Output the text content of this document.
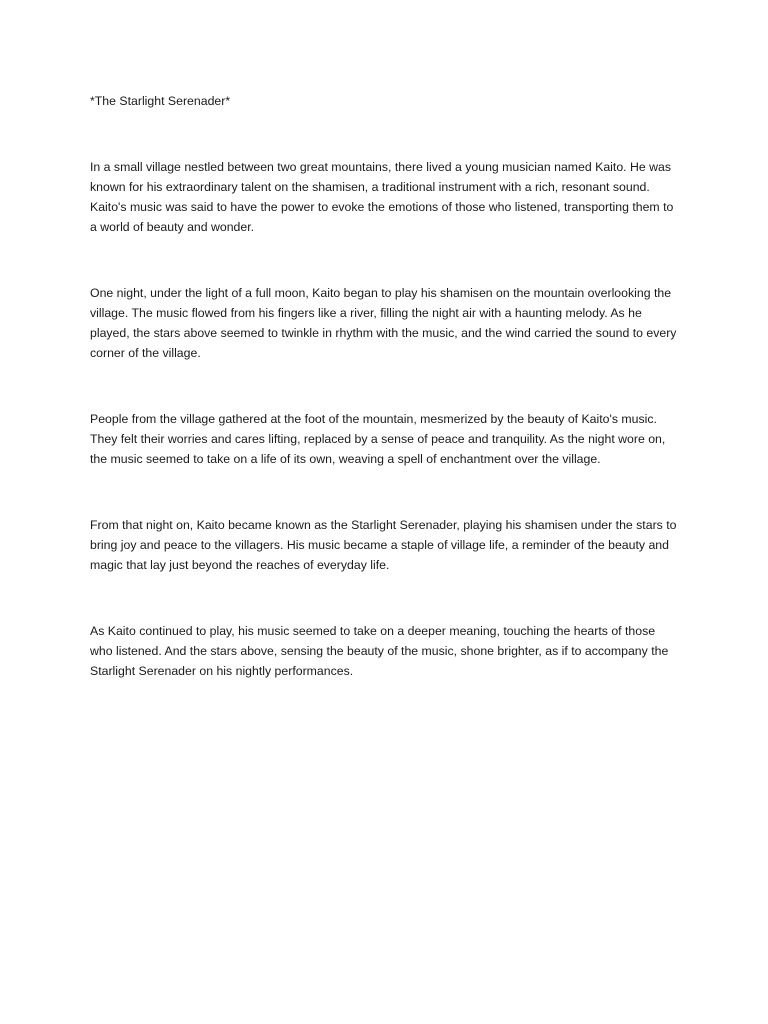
*The Starlight Serenader*

In a small village nestled between two great mountains, there lived a young musician named Kaito. He was known for his extraordinary talent on the shamisen, a traditional instrument with a rich, resonant sound. Kaito's music was said to have the power to evoke the emotions of those who listened, transporting them to a world of beauty and wonder.

One night, under the light of a full moon, Kaito began to play his shamisen on the mountain overlooking the village. The music flowed from his fingers like a river, filling the night air with a haunting melody. As he played, the stars above seemed to twinkle in rhythm with the music, and the wind carried the sound to every corner of the village.

People from the village gathered at the foot of the mountain, mesmerized by the beauty of Kaito's music. They felt their worries and cares lifting, replaced by a sense of peace and tranquility. As the night wore on, the music seemed to take on a life of its own, weaving a spell of enchantment over the village.

From that night on, Kaito became known as the Starlight Serenader, playing his shamisen under the stars to bring joy and peace to the villagers. His music became a staple of village life, a reminder of the beauty and magic that lay just beyond the reaches of everyday life.

As Kaito continued to play, his music seemed to take on a deeper meaning, touching the hearts of those who listened. And the stars above, sensing the beauty of the music, shone brighter, as if to accompany the Starlight Serenader on his nightly performances.
